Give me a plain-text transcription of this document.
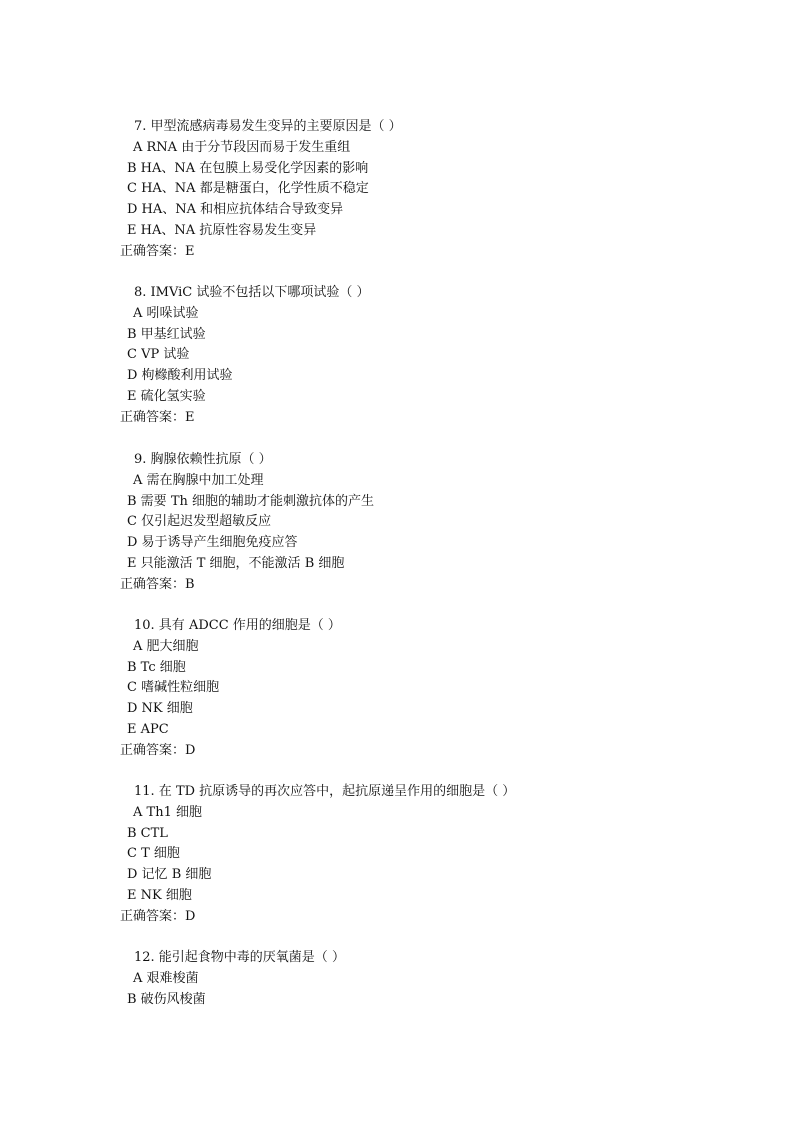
7. 甲型流感病毒易发生变异的主要原因是（ ）
A RNA 由于分节段因而易于发生重组
B HA、NA 在包膜上易受化学因素的影响
C HA、NA 都是糖蛋白，化学性质不稳定
D HA、NA 和相应抗体结合导致变异
E HA、NA 抗原性容易发生变异
正确答案：E
8. IMViC 试验不包括以下哪项试验（ ）
A 吲哚试验
B 甲基红试验
C VP 试验
D 枸橼酸利用试验
E 硫化氢实验
正确答案：E
9. 胸腺依赖性抗原（ ）
A 需在胸腺中加工处理
B 需要 Th 细胞的辅助才能刺激抗体的产生
C 仅引起迟发型超敏反应
D 易于诱导产生细胞免疫应答
E 只能激活 T 细胞，不能激活 B 细胞
正确答案：B
10. 具有 ADCC 作用的细胞是（ ）
A 肥大细胞
B Tc 细胞
C 嗜碱性粒细胞
D NK 细胞
E APC
正确答案：D
11. 在 TD 抗原诱导的再次应答中，起抗原递呈作用的细胞是（ ）
A Th1 细胞
B CTL
C T 细胞
D 记忆 B 细胞
E NK 细胞
正确答案：D
12. 能引起食物中毒的厌氧菌是（ ）
A 艰难梭菌
B 破伤风梭菌
